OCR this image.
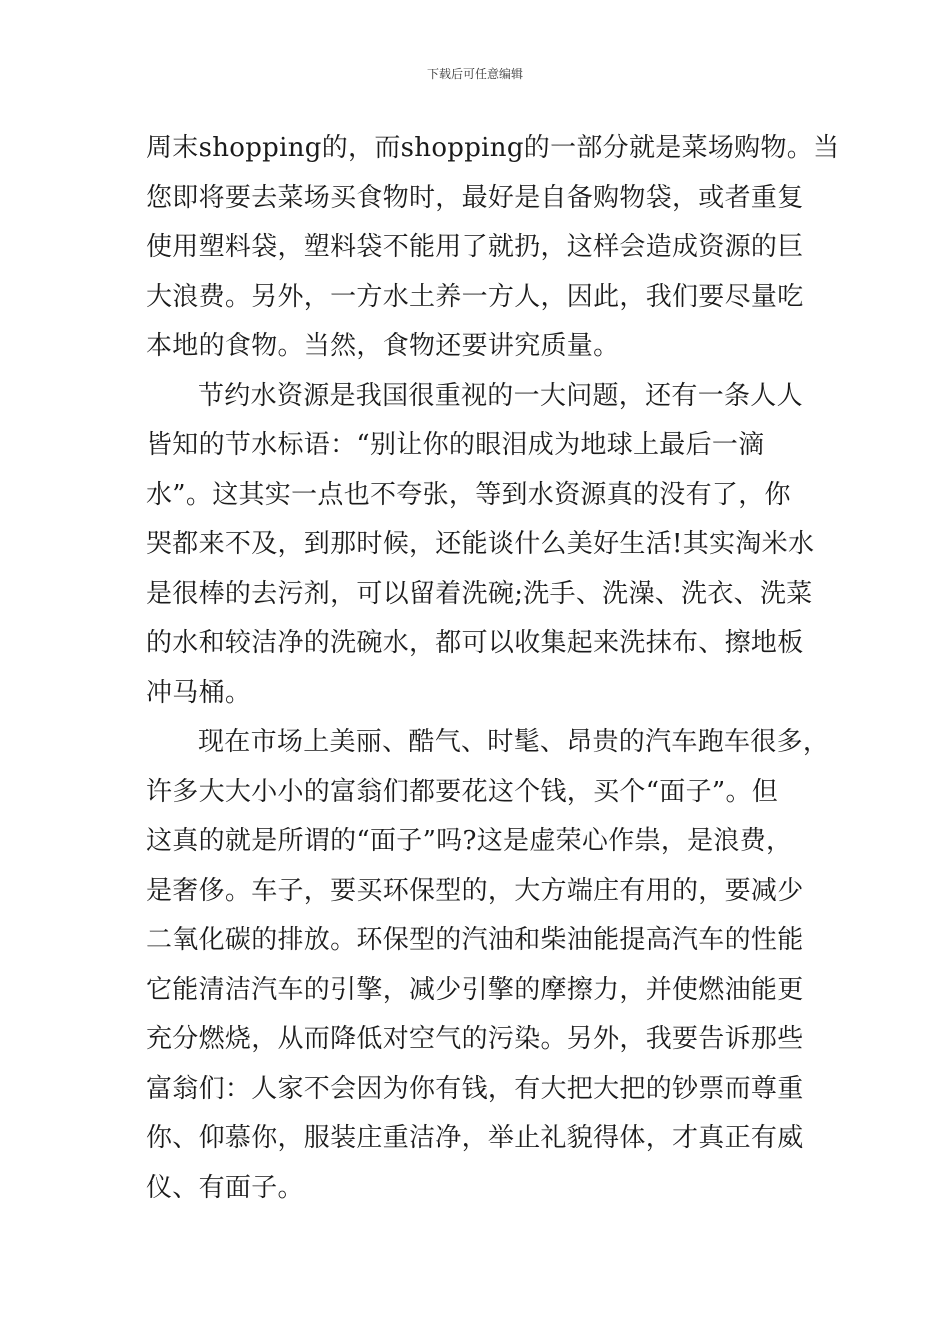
下载后可任意编辑
周末shopping的，而shopping的一部分就是菜场购物。当
您即将要去菜场买食物时，最好是自备购物袋，或者重复
使用塑料袋，塑料袋不能用了就扔，这样会造成资源的巨
大浪费。另外，一方水土养一方人，因此，我们要尽量吃
本地的食物。当然，食物还要讲究质量。
节约水资源是我国很重视的一大问题，还有一条人人
皆知的节水标语：“别让你的眼泪成为地球上最后一滴
水”。这其实一点也不夸张，等到水资源真的没有了，你
哭都来不及，到那时候，还能谈什么美好生活!其实淘米水
是很棒的去污剂，可以留着洗碗;洗手、洗澡、洗衣、洗菜
的水和较洁净的洗碗水，都可以收集起来洗抹布、擦地板
冲马桶。
现在市场上美丽、酷气、时髦、昂贵的汽车跑车很多，
许多大大小小的富翁们都要花这个钱，买个“面子”。但
这真的就是所谓的“面子”吗?这是虚荣心作祟，是浪费，
是奢侈。车子，要买环保型的，大方端庄有用的，要减少
二氧化碳的排放。环保型的汽油和柴油能提高汽车的性能
它能清洁汽车的引擎，减少引擎的摩擦力，并使燃油能更
充分燃烧，从而降低对空气的污染。另外，我要告诉那些
富翁们：人家不会因为你有钱，有大把大把的钞票而尊重
你、仰慕你，服装庄重洁净，举止礼貌得体，才真正有威
仪、有面子。
